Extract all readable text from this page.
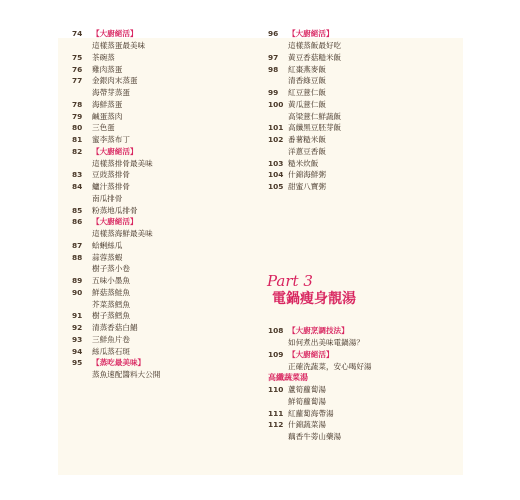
74	【大廚絕活】
這樣蒸蛋最美味
75	茶碗蒸
76	雞肉蒸蛋
77	金銀肉末蒸蛋
海帶芽蒸蛋
78	海鮮蒸蛋
79	鹹蛋蒸肉
80	三色蛋
81	蜜李蒸布丁
82	【大廚絕活】
這樣蒸排骨最美味
83	豆豉蒸排骨
84	鱸汁蒸排骨
南瓜排骨
85	粉蒸地瓜排骨
86	【大廚絕活】
這樣蒸海鮮最美味
87	蛤蜊絲瓜
88	蒜蓉蒸蝦
樹子蒸小卷
89	五味小墨魚
90	鮮菇蒸鮭魚
芥菜蒸鱈魚
91	樹子蒸鱈魚
92	清蒸香菇白鯧
93	三鮮魚片卷
94	絲瓜蒸石斑
95	【蒸吃最美味】
蒸魚速配醬料大公開
96	【大廚絕活】
這樣蒸飯最好吃
97	黃豆香菇糙米飯
98	紅棗燕麥飯
清香綠豆飯
99	紅豆薏仁飯
100 黃瓜薏仁飯
高梁薏仁鮮蔬飯
101 高纖黑豆胚芽飯
102 番薯糙米飯
洋蔥豆香飯
103 糙米炊飯
104 什錦海鮮粥
105 甜蜜八寶粥
Part 3
電鍋瘦身靚湯
108 【大廚烹調技法】
如何煮出美味電鍋湯？
109 【大廚絕活】
正確洗蔬菜，安心喝好湯
高纖蔬菜湯
110 蘆筍蘿蔔湯
鮮筍蘿蔔湯
111 紅蘿蔔海帶湯
112 什錦蔬菜湯
藕香牛蒡山藥湯
